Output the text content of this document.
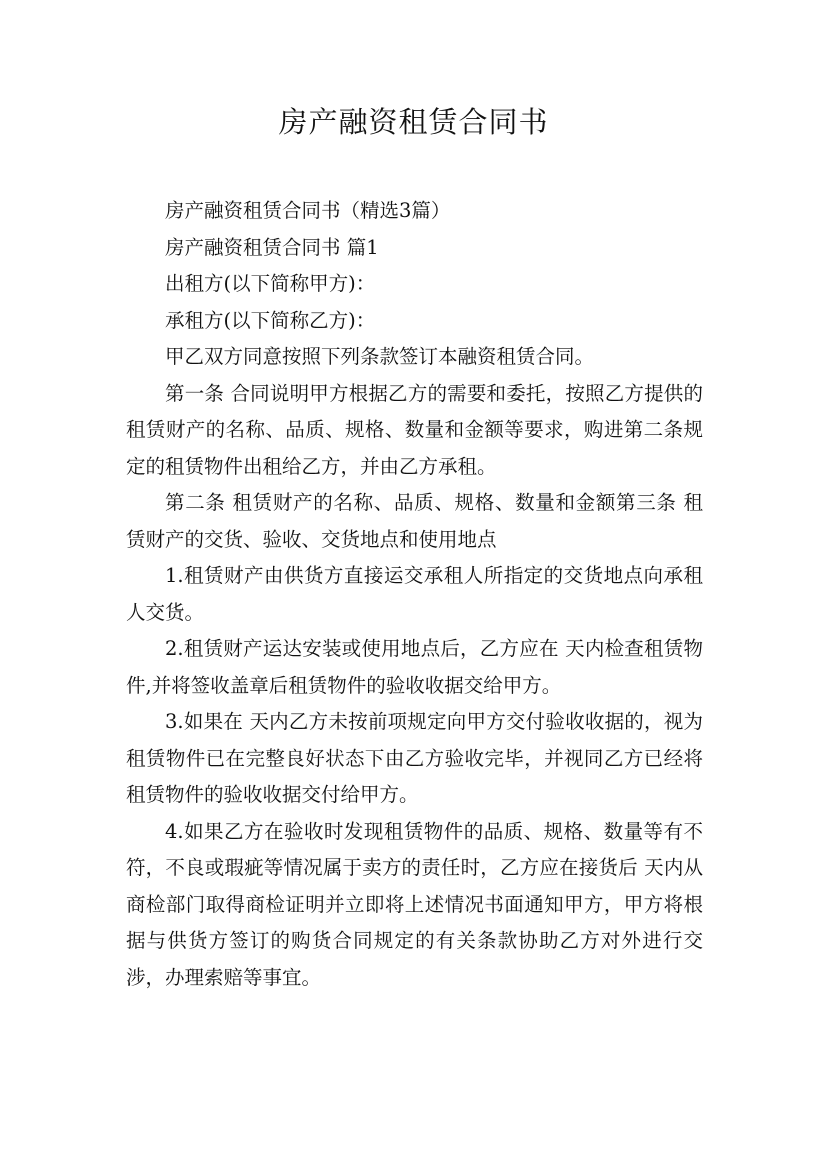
房产融资租赁合同书

房产融资租赁合同书（精选3篇）

房产融资租赁合同书 篇1

出租方(以下简称甲方)：

承租方(以下简称乙方)：

甲乙双方同意按照下列条款签订本融资租赁合同。

第一条 合同说明甲方根据乙方的需要和委托，按照乙方提供的租赁财产的名称、品质、规格、数量和金额等要求，购进第二条规定的租赁物件出租给乙方，并由乙方承租。

第二条 租赁财产的名称、品质、规格、数量和金额第三条 租赁财产的交货、验收、交货地点和使用地点

1.租赁财产由供货方直接运交承租人所指定的交货地点向承租人交货。

2.租赁财产运达安装或使用地点后，乙方应在 天内检查租赁物件,并将签收盖章后租赁物件的验收收据交给甲方。

3.如果在 天内乙方未按前项规定向甲方交付验收收据的，视为租赁物件已在完整良好状态下由乙方验收完毕，并视同乙方已经将租赁物件的验收收据交付给甲方。

4.如果乙方在验收时发现租赁物件的品质、规格、数量等有不符，不良或瑕疵等情况属于卖方的责任时，乙方应在接货后 天内从商检部门取得商检证明并立即将上述情况书面通知甲方，甲方将根据与供货方签订的购货合同规定的有关条款协助乙方对外进行交涉，办理索赔等事宜。
